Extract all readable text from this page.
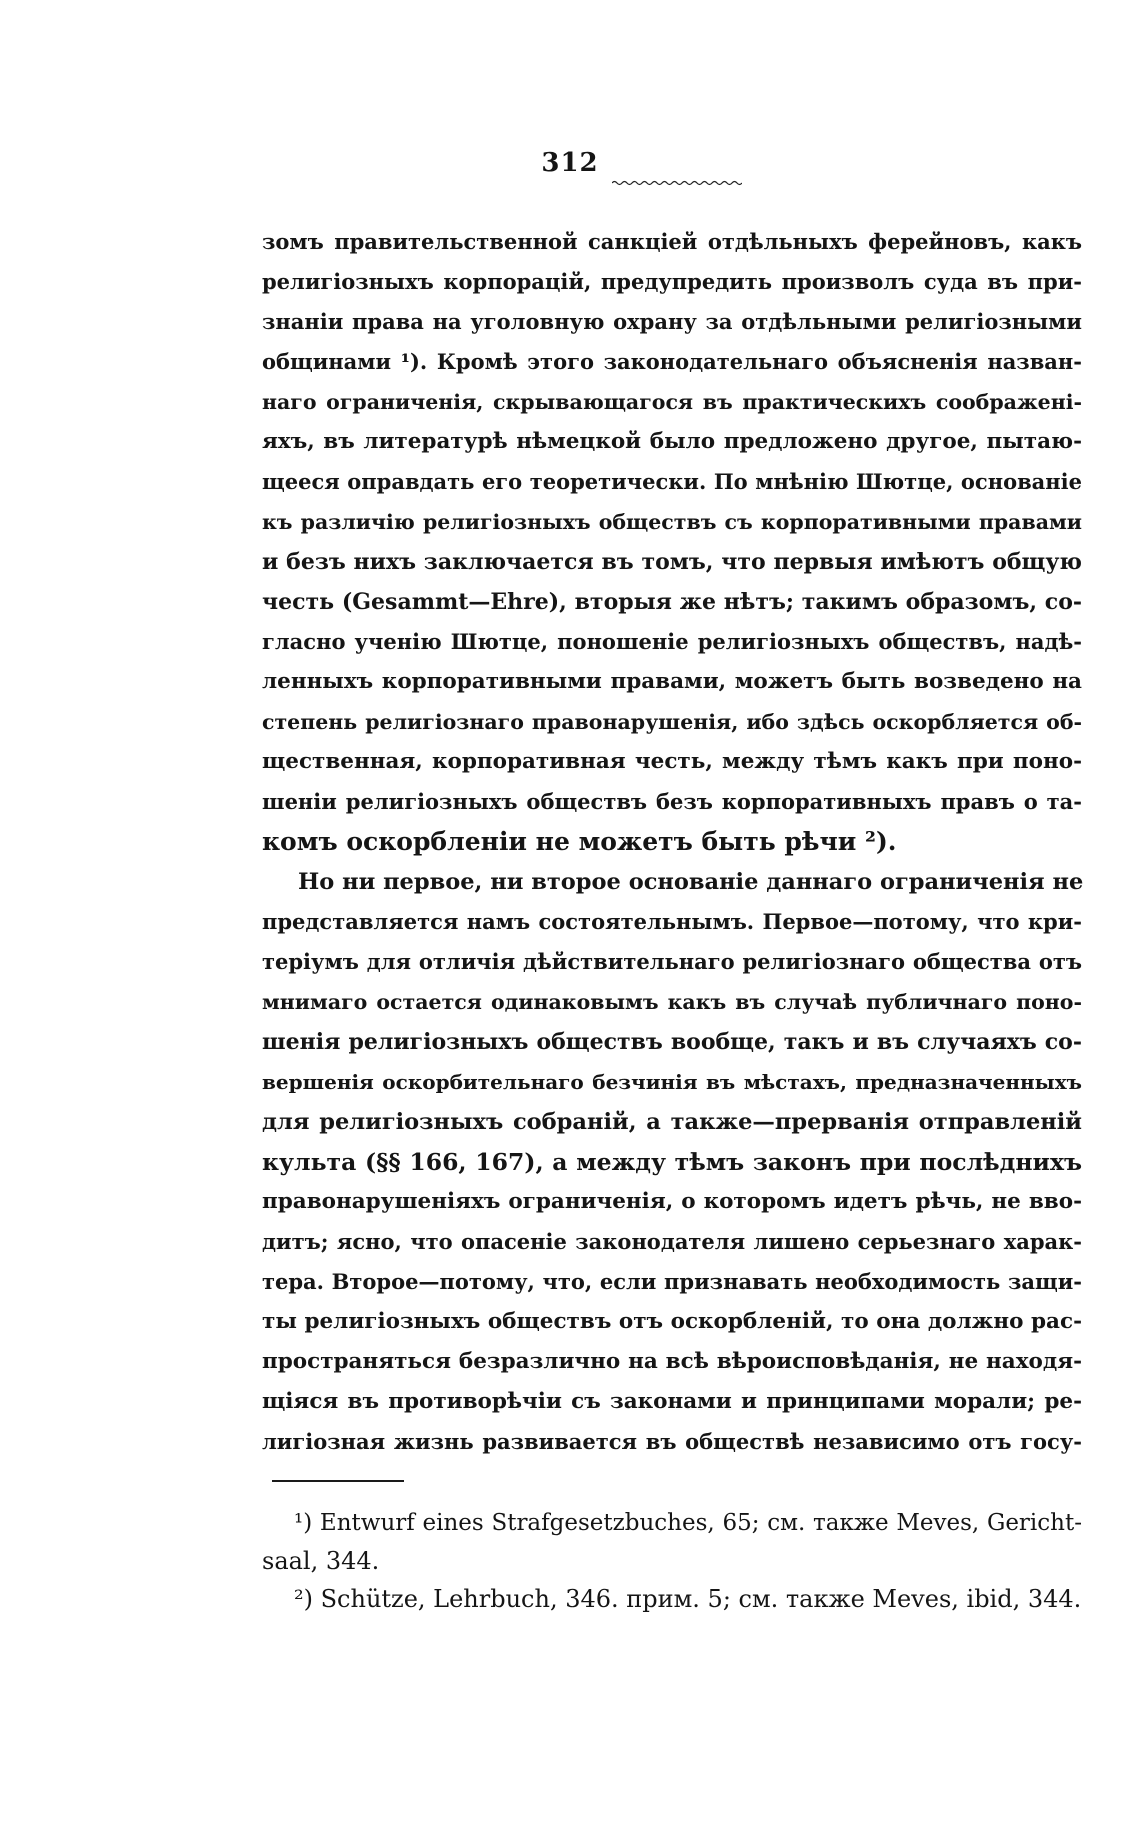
312
зомъ правительственной санкціей отдѣльныхъ ферейновъ, какъ
религіозныхъ корпорацій, предупредить произволъ суда въ при-
знаніи права на уголовную охрану за отдѣльными религіозными
общинами ¹). Кромѣ этого законодательнаго объясненія назван-
наго ограниченія, скрывающагося въ практическихъ соображені-
яхъ, въ литературѣ нѣмецкой было предложено другое, пытаю-
щееся оправдать его теоретически. По мнѣнію Шютце, основаніе
къ различію религіозныхъ обществъ съ корпоративными правами
и безъ нихъ заключается въ томъ, что первыя имѣютъ общую
честь (Gesammt—Ehre), вторыя же нѣтъ; такимъ образомъ, со-
гласно ученію Шютце, поношеніе религіозныхъ обществъ, надѣ-
ленныхъ корпоративными правами, можетъ быть возведено на
степень религіознаго правонарушенія, ибо здѣсь оскорбляется об-
щественная, корпоративная честь, между тѣмъ какъ при поно-
шеніи религіозныхъ обществъ безъ корпоративныхъ правъ о та-
комъ оскорбленіи не можетъ быть рѣчи ²).
Но ни первое, ни второе основаніе даннаго ограниченія не
представляется намъ состоятельнымъ. Первое—потому, что кри-
теріумъ для отличія дѣйствительнаго религіознаго общества отъ
мнимаго остается одинаковымъ какъ въ случаѣ публичнаго поно-
шенія религіозныхъ обществъ вообще, такъ и въ случаяхъ со-
вершенія оскорбительнаго безчинія въ мѣстахъ, предназначенныхъ
для религіозныхъ собраній, а также—прерванія отправленій
культа (§§ 166, 167), а между тѣмъ законъ при послѣднихъ
правонарушеніяхъ ограниченія, о которомъ идетъ рѣчь, не вво-
дитъ; ясно, что опасеніе законодателя лишено серьезнаго харак-
тера. Второе—потому, что, если признавать необходимость защи-
ты религіозныхъ обществъ отъ оскорбленій, то она должно рас-
пространяться безразлично на всѣ вѣроисповѣданія, не находя-
щіяся въ противорѣчіи съ законами и принципами морали; ре-
лигіозная жизнь развивается въ обществѣ независимо отъ госу-
¹) Entwurf eines Strafgesetzbuches, 65; см. также Meves, Gericht-
saal, 344.
²) Schütze, Lehrbuch, 346. прим. 5; см. также Meves, ibid, 344.
